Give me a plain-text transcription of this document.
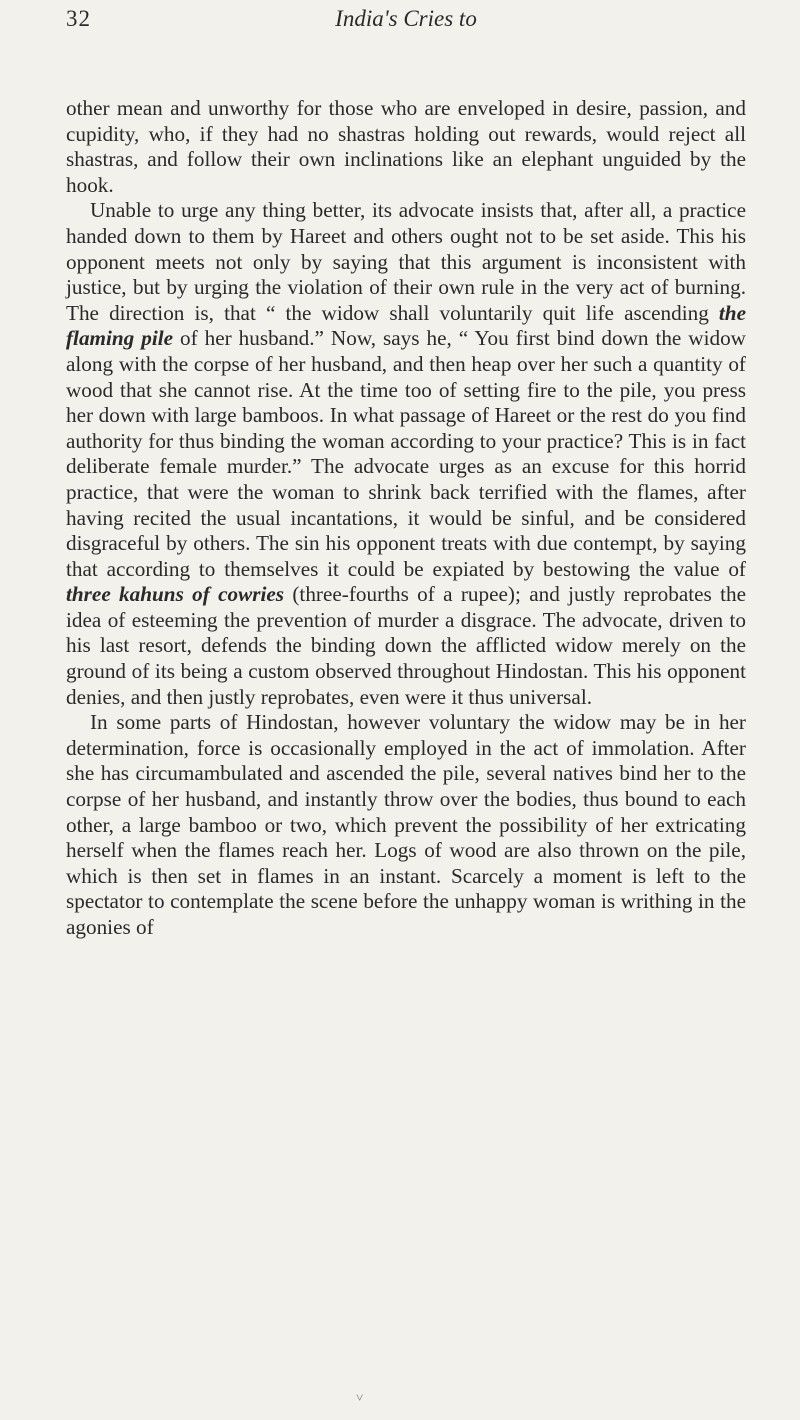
32	India's Cries to

other mean and unworthy for those who are enveloped in desire, passion, and cupidity, who, if they had no shastras holding out rewards, would reject all shastras, and follow their own inclinations like an elephant unguided by the hook.

Unable to urge any thing better, its advocate insists that, after all, a practice handed down to them by Hareet and others ought not to be set aside. This his opponent meets not only by saying that this argument is inconsistent with justice, but by urging the violation of their own rule in the very act of burning. The direction is, that “ the widow shall voluntarily quit life ascending the flaming pile of her husband.” Now, says he, “ You first bind down the widow along with the corpse of her husband, and then heap over her such a quantity of wood that she cannot rise. At the time too of setting fire to the pile, you press her down with large bamboos. In what passage of Hareet or the rest do you find authority for thus binding the woman according to your practice? This is in fact deliberate female murder.” The advocate urges as an excuse for this horrid practice, that were the woman to shrink back terrified with the flames, after having recited the usual incantations, it would be sinful, and be considered disgraceful by others. The sin his opponent treats with due contempt, by saying that according to themselves it could be expiated by bestowing the value of three kahuns of cowries (three-fourths of a rupee); and justly reprobates the idea of esteeming the prevention of murder a disgrace. The advocate, driven to his last resort, defends the binding down the afflicted widow merely on the ground of its being a custom observed throughout Hindostan. This his opponent denies, and then justly reprobates, even were it thus universal.

In some parts of Hindostan, however voluntary the widow may be in her determination, force is occasionally employed in the act of immolation. After she has circumambulated and ascended the pile, several natives bind her to the corpse of her husband, and instantly throw over the bodies, thus bound to each other, a large bamboo or two, which prevent the possibility of her extricating herself when the flames reach her. Logs of wood are also thrown on the pile, which is then set in flames in an instant. Scarcely a moment is left to the spectator to contemplate the scene before the unhappy woman is writhing in the agonies of

˅
